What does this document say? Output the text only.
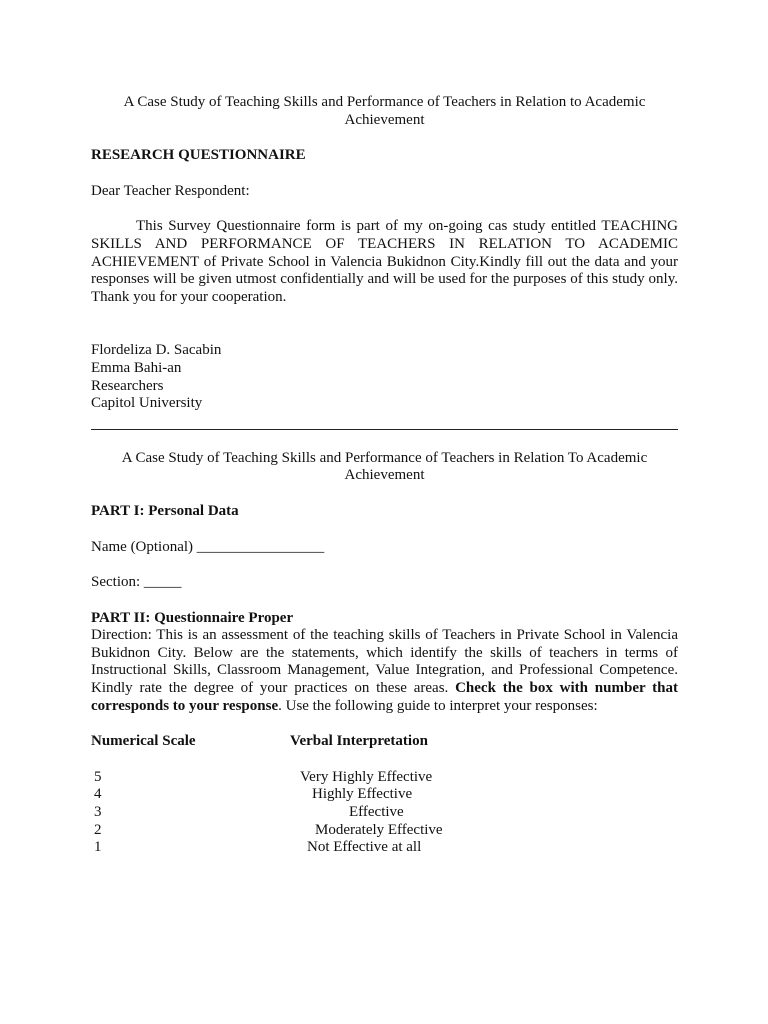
A Case Study of Teaching Skills and Performance of Teachers in Relation to Academic
Achievement
RESEARCH QUESTIONNAIRE
Dear Teacher Respondent:
This Survey Questionnaire form is part of my on-going cas study entitled TEACHING SKILLS AND PERFORMANCE OF TEACHERS IN RELATION TO ACADEMIC ACHIEVEMENT of Private School in Valencia Bukidnon City.Kindly fill out the data and your responses will be given utmost confidentially and will be used for the purposes of this study only. Thank you for your cooperation.
Flordeliza D. Sacabin
Emma Bahi-an
Researchers
Capitol University
A Case Study of Teaching Skills and Performance of Teachers in Relation To Academic
Achievement
PART I: Personal Data
Name (Optional) _________________
Section: _____
PART II: Questionnaire Proper

Direction: This is an assessment of the teaching skills of Teachers in Private School in Valencia Bukidnon City. Below are the statements, which identify the skills of teachers in terms of Instructional Skills, Classroom Management, Value Integration, and Professional Competence. Kindly rate the degree of your practices on these areas. Check the box with number that corresponds to your response. Use the following guide to interpret your responses:

Numerical Scale	Verbal Interpretation
5	Very Highly Effective
4	Highly Effective
3	Effective
2	Moderately Effective
1	Not Effective at all
